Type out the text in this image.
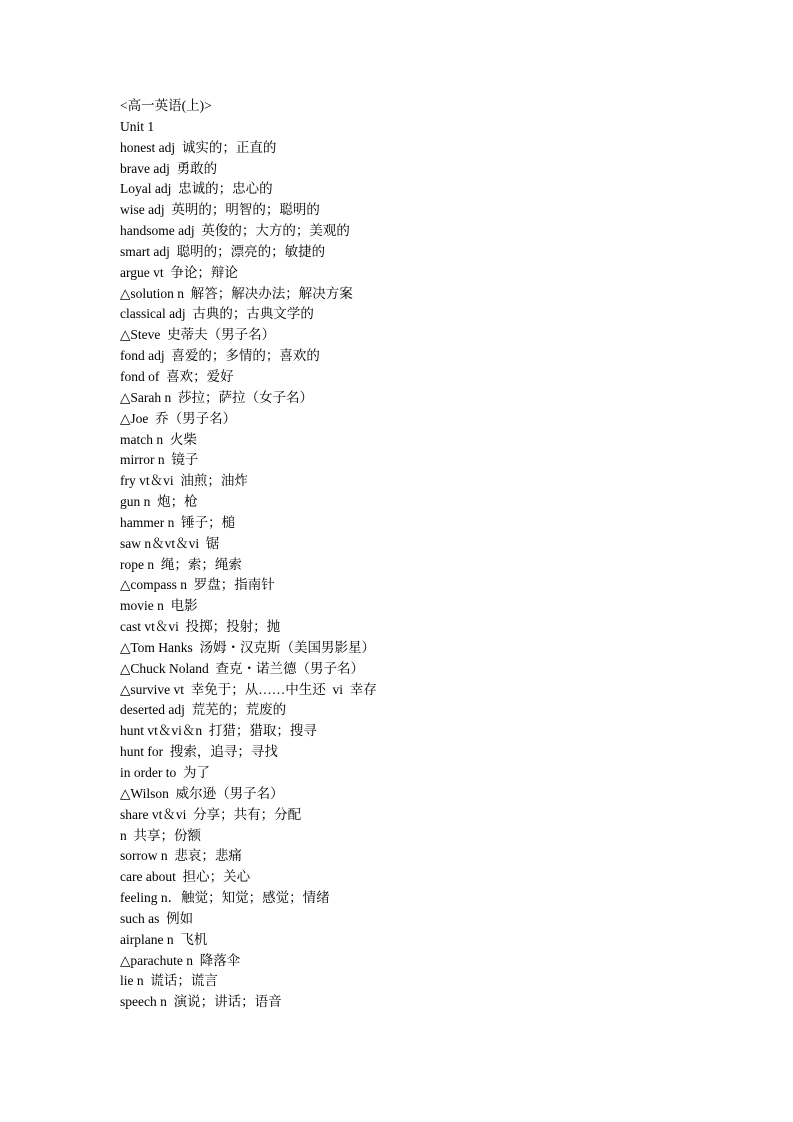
<高一英语(上)>
Unit 1
honest adj  诚实的；正直的
brave adj  勇敢的
Loyal adj  忠诚的；忠心的
wise adj  英明的；明智的；聪明的
handsome adj  英俊的；大方的；美观的
smart adj  聪明的；漂亮的；敏捷的
argue vt  争论；辩论
△solution n  解答；解决办法；解决方案
classical adj  古典的；古典文学的
△Steve  史蒂夫（男子名）
fond adj  喜爱的；多情的；喜欢的
fond of  喜欢；爱好
△Sarah n  莎拉；萨拉（女子名）
△Joe  乔（男子名）
match n  火柴
mirror n  镜子
fry vt＆vi  油煎；油炸
gun n  炮；枪
hammer n  锤子；槌
saw n＆vt＆vi  锯
rope n  绳；索；绳索
△compass n  罗盘；指南针
movie n  电影
cast vt＆vi  投掷；投射；抛
△Tom Hanks  汤姆・汉克斯（美国男影星）
△Chuck Noland  查克・诺兰德（男子名）
△survive vt  幸免于；从……中生还  vi  幸存
deserted adj  荒芜的；荒废的
hunt vt＆vi＆n  打猎；猎取；搜寻
hunt for  搜索，追寻；寻找
in order to  为了
△Wilson  威尔逊（男子名）
share vt＆vi  分享；共有；分配
n  共享；份额
sorrow n  悲哀；悲痛
care about  担心；关心
feeling n．触觉；知觉；感觉；情绪
such as  例如
airplane n  飞机
△parachute n  降落伞
lie n  谎话；谎言
speech n  演说；讲话；语音
